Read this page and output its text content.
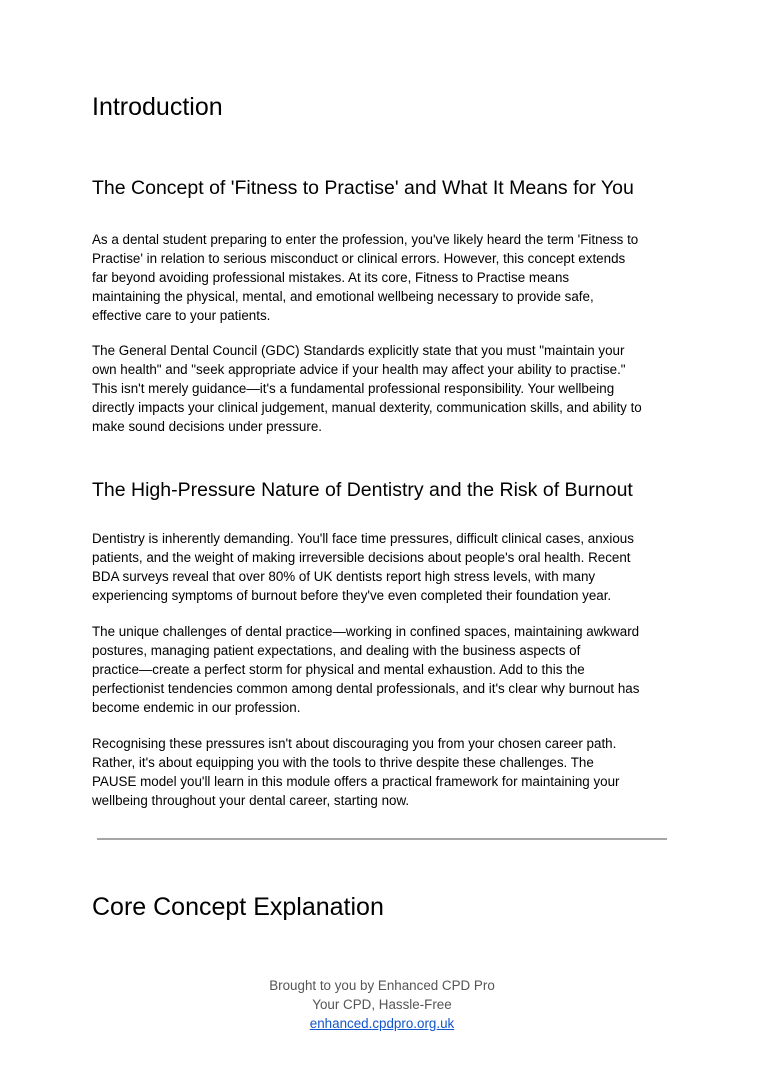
Introduction
The Concept of 'Fitness to Practise' and What It Means for You
As a dental student preparing to enter the profession, you've likely heard the term 'Fitness to
Practise' in relation to serious misconduct or clinical errors. However, this concept extends
far beyond avoiding professional mistakes. At its core, Fitness to Practise means
maintaining the physical, mental, and emotional wellbeing necessary to provide safe,
effective care to your patients.
The General Dental Council (GDC) Standards explicitly state that you must "maintain your
own health" and "seek appropriate advice if your health may affect your ability to practise."
This isn't merely guidance—it's a fundamental professional responsibility. Your wellbeing
directly impacts your clinical judgement, manual dexterity, communication skills, and ability to
make sound decisions under pressure.
The High-Pressure Nature of Dentistry and the Risk of Burnout
Dentistry is inherently demanding. You'll face time pressures, difficult clinical cases, anxious
patients, and the weight of making irreversible decisions about people's oral health. Recent
BDA surveys reveal that over 80% of UK dentists report high stress levels, with many
experiencing symptoms of burnout before they've even completed their foundation year.
The unique challenges of dental practice—working in confined spaces, maintaining awkward
postures, managing patient expectations, and dealing with the business aspects of
practice—create a perfect storm for physical and mental exhaustion. Add to this the
perfectionist tendencies common among dental professionals, and it's clear why burnout has
become endemic in our profession.
Recognising these pressures isn't about discouraging you from your chosen career path.
Rather, it's about equipping you with the tools to thrive despite these challenges. The
PAUSE model you'll learn in this module offers a practical framework for maintaining your
wellbeing throughout your dental career, starting now.
Core Concept Explanation
Brought to you by Enhanced CPD Pro
Your CPD, Hassle-Free
enhanced.cpdpro.org.uk
